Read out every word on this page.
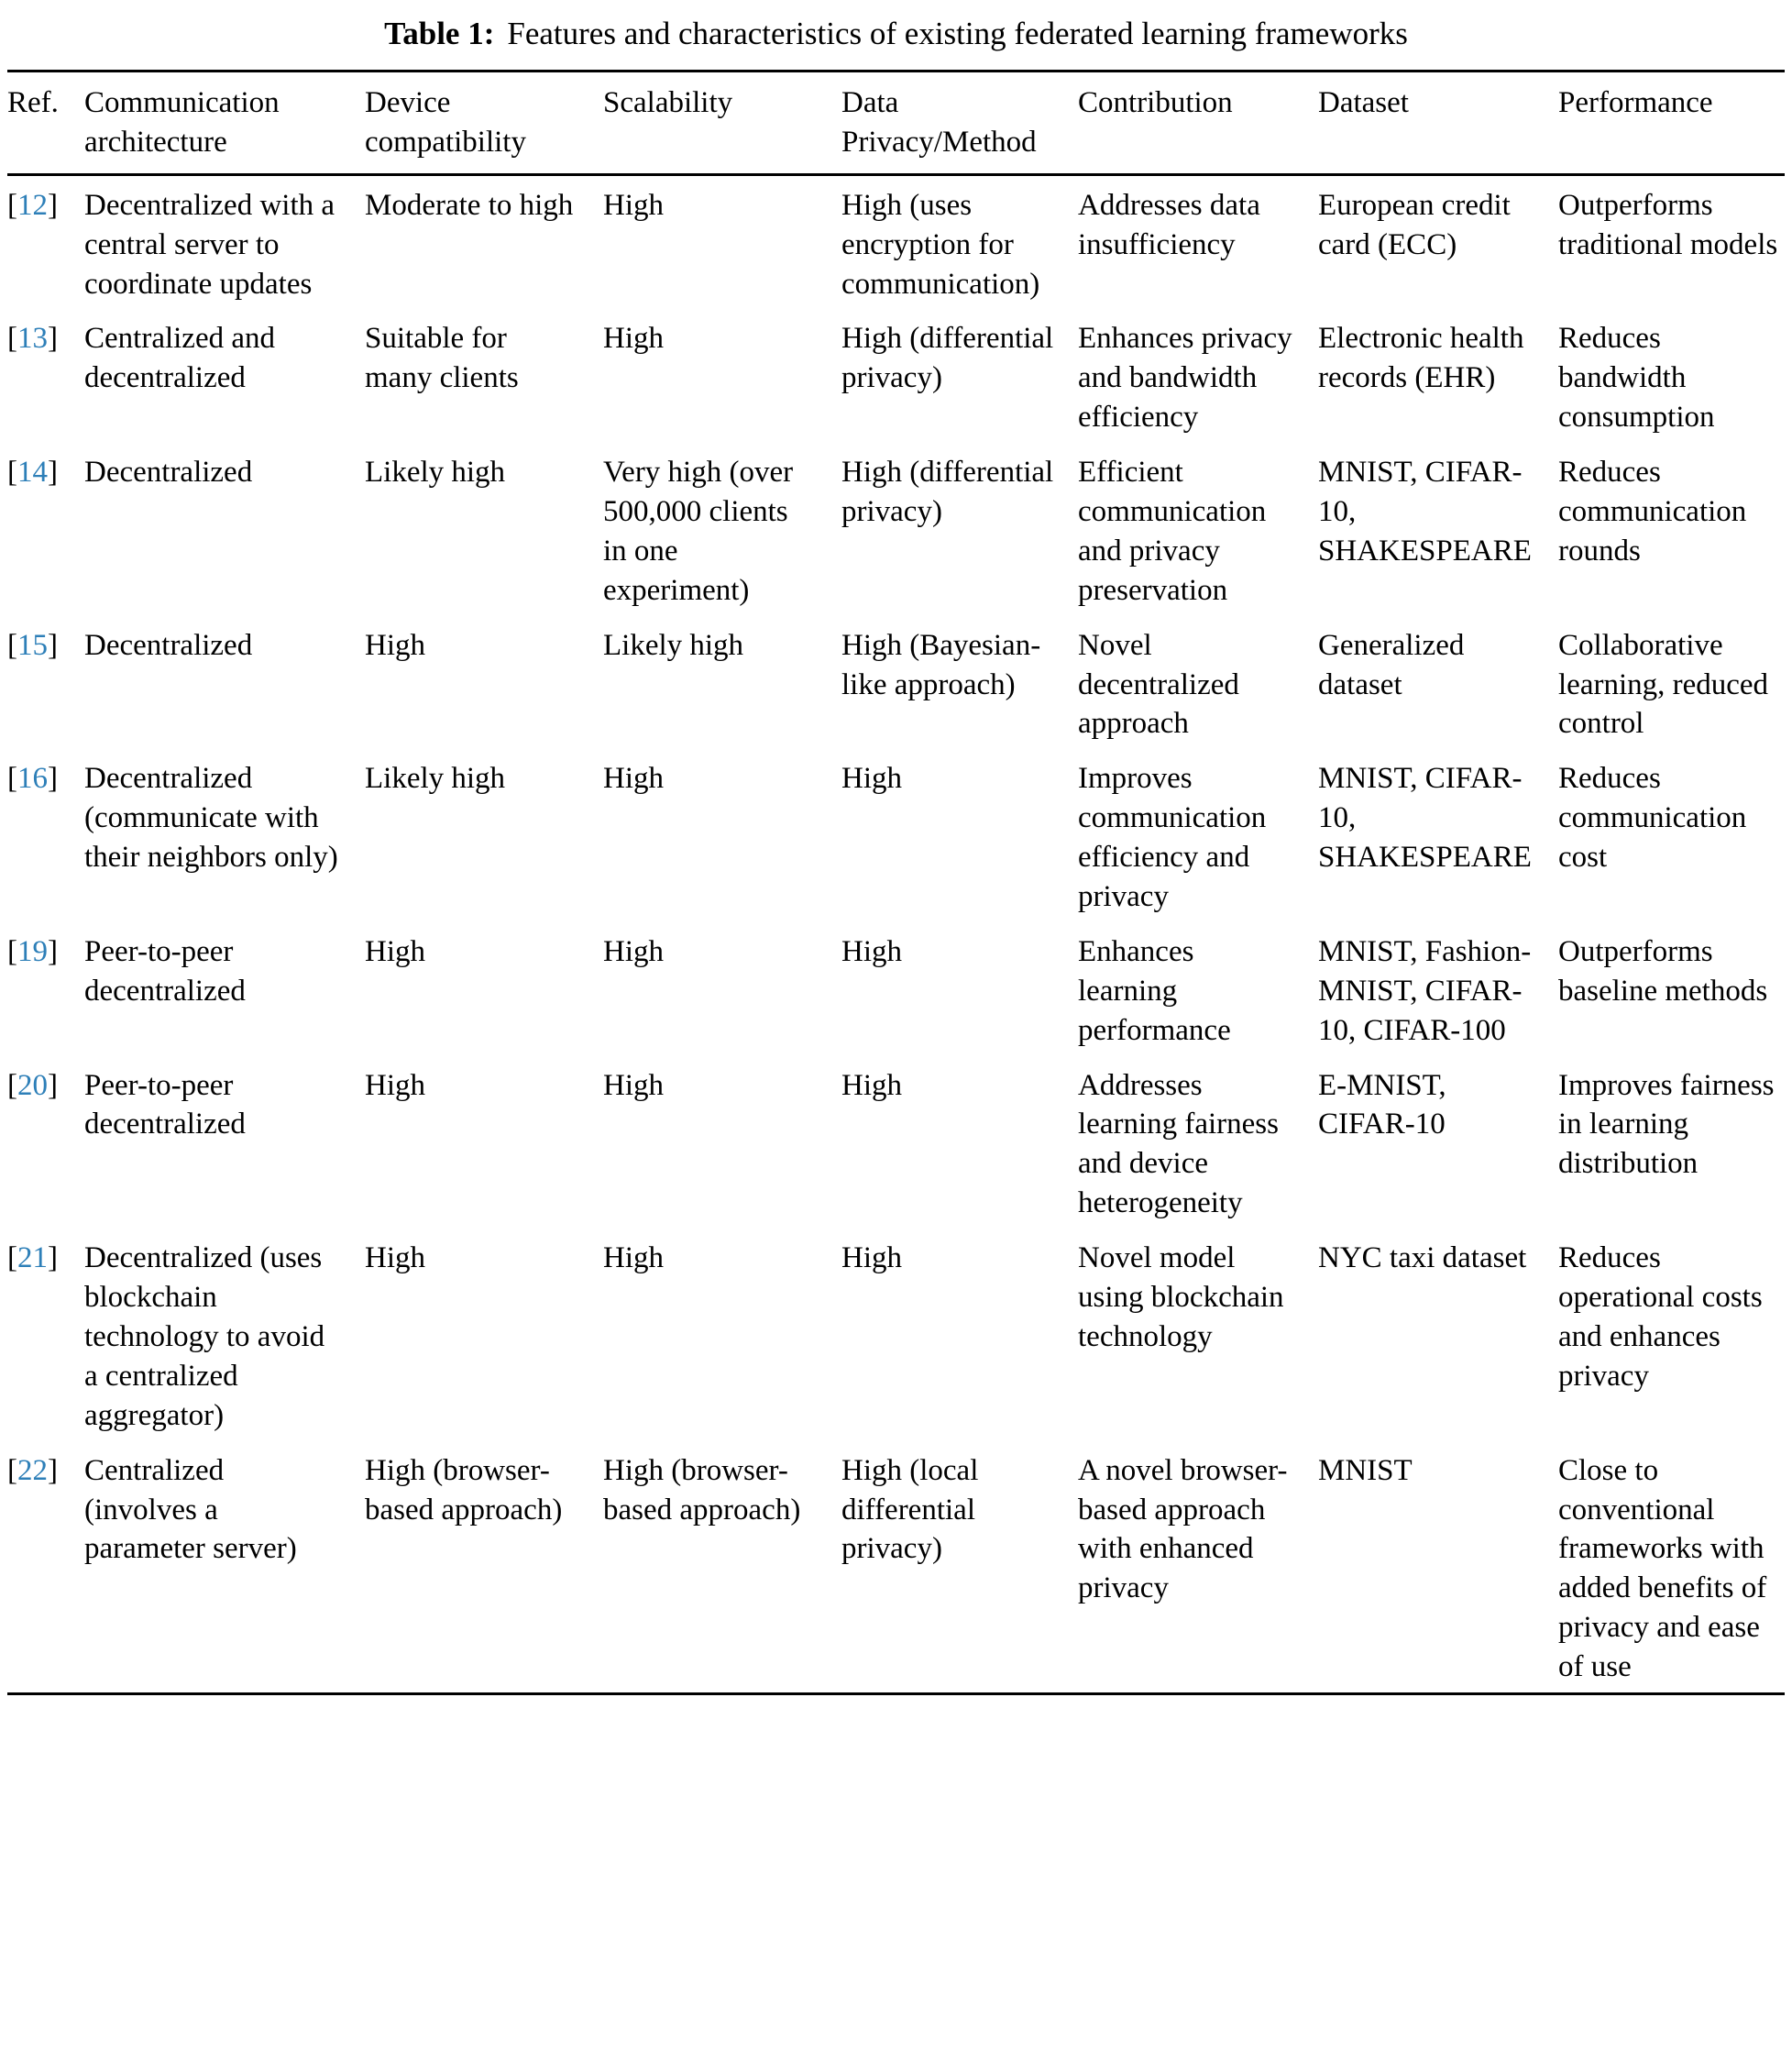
Table 1: Features and characteristics of existing federated learning frameworks
Ref.	Communication architecture	Device compatibility	Scalability	Data Privacy/Method	Contribution	Dataset	Performance
[12]	Decentralized with a central server to coordinate updates	Moderate to high	High	High (uses encryption for communication)	Addresses data insufficiency	European credit card (ECC)	Outperforms traditional models
[13]	Centralized and decentralized	Suitable for many clients	High	High (differential privacy)	Enhances privacy and bandwidth efficiency	Electronic health records (EHR)	Reduces bandwidth consumption
[14]	Decentralized	Likely high	Very high (over 500,000 clients in one experiment)	High (differential privacy)	Efficient communication and privacy preservation	MNIST, CIFAR-10, SHAKESPEARE	Reduces communication rounds
[15]	Decentralized	High	Likely high	High (Bayesian-like approach)	Novel decentralized approach	Generalized dataset	Collaborative learning, reduced control
[16]	Decentralized (communicate with their neighbors only)	Likely high	High	High	Improves communication efficiency and privacy	MNIST, CIFAR-10, SHAKESPEARE	Reduces communication cost
[19]	Peer-to-peer decentralized	High	High	High	Enhances learning performance	MNIST, Fashion-MNIST, CIFAR-10, CIFAR-100	Outperforms baseline methods
[20]	Peer-to-peer decentralized	High	High	High	Addresses learning fairness and device heterogeneity	E-MNIST, CIFAR-10	Improves fairness in learning distribution
[21]	Decentralized (uses blockchain technology to avoid a centralized aggregator)	High	High	High	Novel model using blockchain technology	NYC taxi dataset	Reduces operational costs and enhances privacy
[22]	Centralized (involves a parameter server)	High (browser-based approach)	High (browser-based approach)	High (local differential privacy)	A novel browser-based approach with enhanced privacy	MNIST	Close to conventional frameworks with added benefits of privacy and ease of use
